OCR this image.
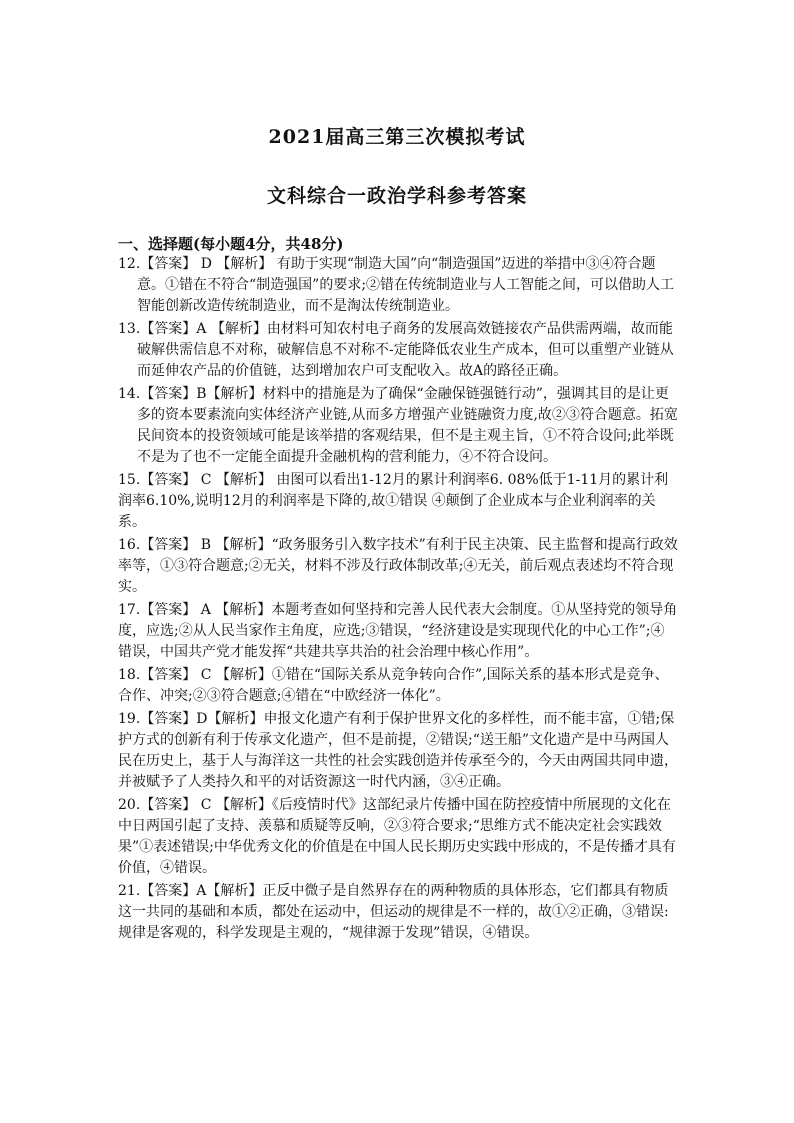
2021届高三第三次模拟考试
文科综合一政治学科参考答案
一、选择题(每小题4分，共48分)
12.【答案】 D 【解析】 有助于实现“制造大国”向“制造强国”迈进的举措中③④符合题意。①错在不符合“制造强国”的要求;②错在传统制造业与人工智能之间，可以借助人工智能创新改造传统制造业，而不是淘汰传统制造业。
13.【答案】A 【解析】由材料可知农村电子商务的发展高效链接农产品供需两端，故而能破解供需信息不对称，破解信息不对称不-定能降低农业生产成本，但可以重塑产业链从而延伸农产品的价值链，达到增加农户可支配收入。故A的路径正确。
14.【答案】B【解析】材料中的措施是为了确保“金融保链强链行动”，强调其目的是让更多的资本要素流向实体经济产业链,从而多方增强产业链融资力度,故②③符合题意。拓宽民间资本的投资领域可能是该举措的客观结果，但不是主观主旨，①不符合设问;此举既不是为了也不一定能全面提升金融机构的营利能力，④不符合设问。
15.【答案】 C 【解析】 由图可以看出1-12月的累计利润率6. 08%低于1-11月的累计利润率6.10%,说明12月的利润率是下降的,故①错误 ④颠倒了企业成本与企业利润率的关系。
16.【答案】 B 【解析】“政务服务引入数字技术”有利于民主决策、民主监督和提高行政效率等，①③符合题意;②无关，材料不涉及行政体制改革;④无关，前后观点表述均不符合现实。
17.【答案】 A 【解析】本题考查如何坚持和完善人民代表大会制度。①从坚持党的领导角度，应选;②从人民当家作主角度，应选;③错误，“经济建设是实现现代化的中心工作”;④错误，中国共产党才能发挥“共建共享共治的社会治理中核心作用”。
18.【答案】 C 【解析】①错在“国际关系从竞争转向合作”,国际关系的基本形式是竞争、合作、冲突;②③符合题意;④错在“中欧经济一体化”。
19.【答案】D【解析】申报文化遗产有利于保护世界文化的多样性，而不能丰富，①错;保护方式的创新有利于传承文化遗产，但不是前提，②错误;“送王船”文化遗产是中马两国人民在历史上，基于人与海洋这一共性的社会实践创造并传承至今的，今天由两国共同申遗，并被赋予了人类持久和平的对话资源这一时代内涵，③④正确。
20.【答案】 C 【解析】《后疫情时代》这部纪录片传播中国在防控疫情中所展现的文化在中日两国引起了支持、羡慕和质疑等反响，②③符合要求;“思维方式不能决定社会实践效果”①表述错误;中华优秀文化的价值是在中国人民长期历史实践中形成的，不是传播才具有价值，④错误。
21.【答案】A【解析】正反中微子是自然界存在的两种物质的具体形态，它们都具有物质这一共同的基础和本质，都处在运动中，但运动的规律是不一样的，故①②正确，③错误:规律是客观的，科学发现是主观的，“规律源于发现”错误，④错误。
